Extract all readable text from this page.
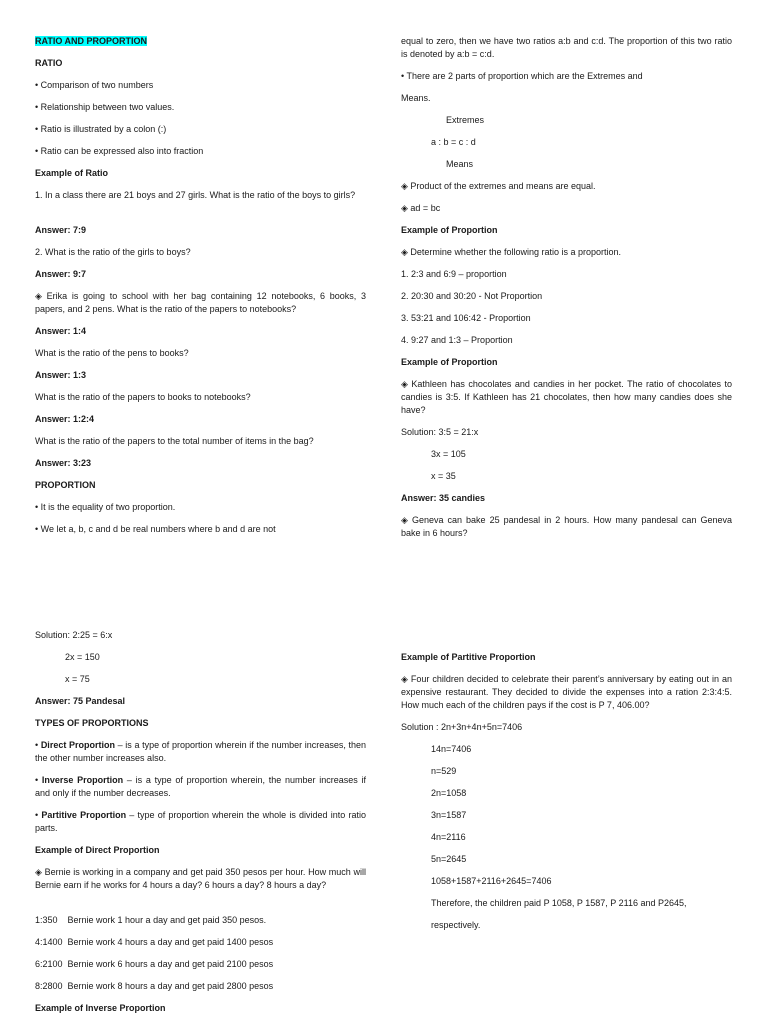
RATIO AND PROPORTION

RATIO

• Comparison of two numbers

• Relationship between two values.

• Ratio is illustrated by a colon (:)

• Ratio can be expressed also into fraction

Example of Ratio

1. In a class there are 21 boys and 27 girls. What is the ratio of the boys to girls?

Answer: 7:9

2. What is the ratio of the girls to boys?

Answer: 9:7

◈ Erika is going to school with her bag containing 12 notebooks, 6 books, 3 papers, and 2 pens. What is the ratio of the papers to notebooks?

Answer: 1:4

What is the ratio of the pens to books?

Answer: 1:3

What is the ratio of the papers to books to notebooks?

Answer: 1:2:4

What is the ratio of the papers to the total number of items in the bag?

Answer: 3:23

PROPORTION

• It is the equality of two proportion.

• We let a, b, c and d be real numbers where b and d are not

equal to zero, then we have two ratios a:b and c:d. The proportion of this two ratio is denoted by a:b = c:d.

• There are 2 parts of proportion which are the Extremes and

Means.

Extremes

a : b = c : d

Means

◈ Product of the extremes and means are equal.

◈ ad = bc

Example of Proportion

◈ Determine whether the following ratio is a proportion.

1. 2:3 and 6:9 – proportion

2. 20:30 and 30:20 - Not Proportion

3. 53:21 and 106:42 - Proportion

4. 9:27 and 1:3 – Proportion

Example of Proportion

◈ Kathleen has chocolates and candies in her pocket. The ratio of chocolates to candies is 3:5. If Kathleen has 21 chocolates, then how many candies does she have?

Solution: 3:5 = 21:x

3x = 105

x = 35

Answer: 35 candies

◈ Geneva can bake 25 pandesal in 2 hours. How many pandesal can Geneva bake in 6 hours?

Solution: 2:25 = 6:x

2x = 150

x = 75

Answer: 75 Pandesal

TYPES OF PROPORTIONS

• Direct Proportion – is a type of proportion wherein if the number increases, then the other number increases also.

• Inverse Proportion – is a type of proportion wherein, the number increases if and only if the number decreases.

• Partitive Proportion – type of proportion wherein the whole is divided into ratio parts.

Example of Direct Proportion

◈ Bernie is working in a company and get paid 350 pesos per hour. How much will Bernie earn if he works for 4 hours a day? 6 hours a day? 8 hours a day?

1:350    Bernie work 1 hour a day and get paid 350 pesos.

4:1400  Bernie work 4 hours a day and get paid 1400 pesos

6:2100  Bernie work 6 hours a day and get paid 2100 pesos

8:2800  Bernie work 8 hours a day and get paid 2800 pesos

Example of Inverse Proportion

Example of Partitive Proportion

◈ Four children decided to celebrate their parent’s anniversary by eating out in an expensive restaurant. They decided to divide the expenses into a ration 2:3:4:5. How much each of the children pays if the cost is P 7, 406.00?

Solution : 2n+3n+4n+5n=7406

14n=7406

n=529

2n=1058

3n=1587

4n=2116

5n=2645

1058+1587+2116+2645=7406

Therefore, the children paid P 1058, P 1587, P 2116 and P2645,

respectively.
